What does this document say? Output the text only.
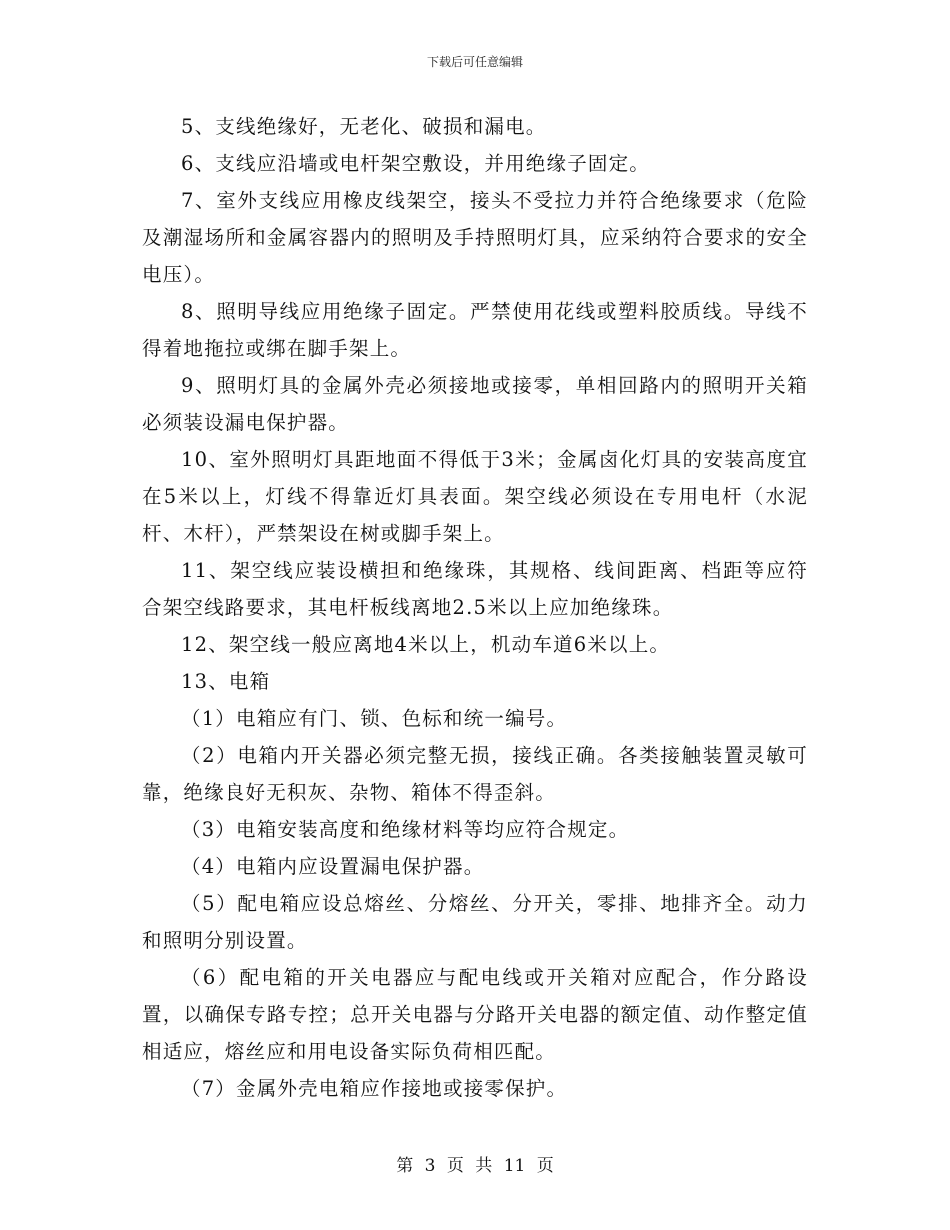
下载后可任意编辑

5、支线绝缘好，无老化、破损和漏电。

6、支线应沿墙或电杆架空敷设，并用绝缘子固定。

7、室外支线应用橡皮线架空，接头不受拉力并符合绝缘要求（危险及潮湿场所和金属容器内的照明及手持照明灯具，应采纳符合要求的安全电压）。

8、照明导线应用绝缘子固定。严禁使用花线或塑料胶质线。导线不得着地拖拉或绑在脚手架上。

9、照明灯具的金属外壳必须接地或接零，单相回路内的照明开关箱必须装设漏电保护器。

10、室外照明灯具距地面不得低于3米；金属卤化灯具的安装高度宜在5米以上，灯线不得靠近灯具表面。架空线必须设在专用电杆（水泥杆、木杆），严禁架设在树或脚手架上。

11、架空线应装设横担和绝缘珠，其规格、线间距离、档距等应符合架空线路要求，其电杆板线离地2.5米以上应加绝缘珠。

12、架空线一般应离地4米以上，机动车道6米以上。

13、电箱

（1）电箱应有门、锁、色标和统一编号。

（2）电箱内开关器必须完整无损，接线正确。各类接触装置灵敏可靠，绝缘良好无积灰、杂物、箱体不得歪斜。

（3）电箱安装高度和绝缘材料等均应符合规定。

（4）电箱内应设置漏电保护器。

（5）配电箱应设总熔丝、分熔丝、分开关，零排、地排齐全。动力和照明分别设置。

（6）配电箱的开关电器应与配电线或开关箱对应配合，作分路设置，以确保专路专控；总开关电器与分路开关电器的额定值、动作整定值相适应，熔丝应和用电设备实际负荷相匹配。

（7）金属外壳电箱应作接地或接零保护。

第 3 页 共 11 页
